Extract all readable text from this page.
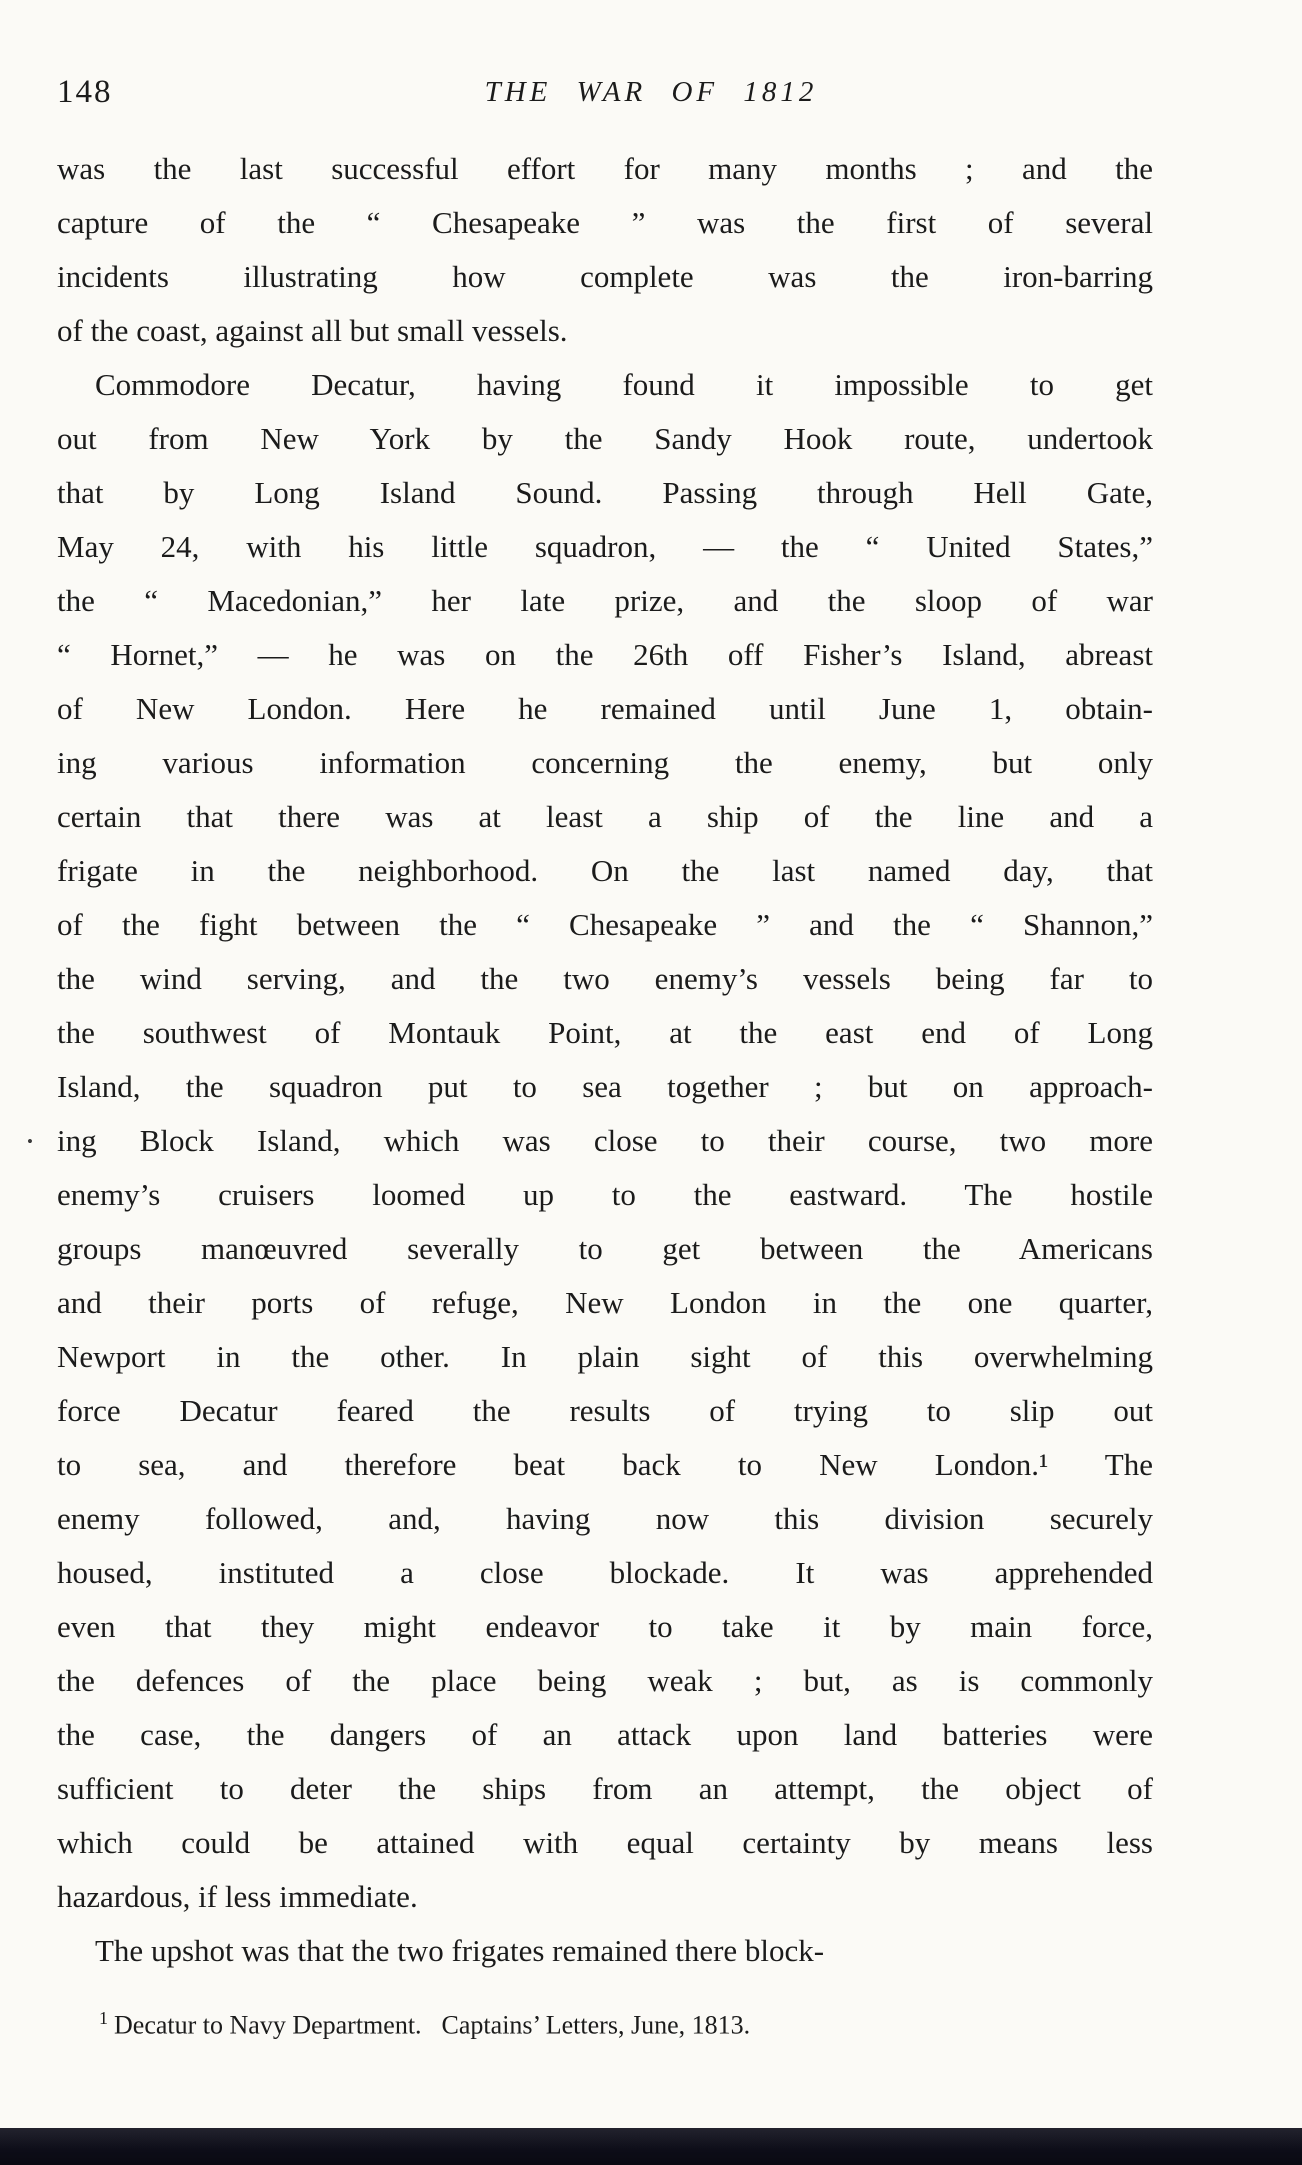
148	THE WAR OF 1812
was the last successful effort for many months ; and the
capture of the “ Chesapeake ” was the first of several
incidents illustrating how complete was the iron-barring
of the coast, against all but small vessels.
Commodore Decatur, having found it impossible to get
out from New York by the Sandy Hook route, undertook
that by Long Island Sound. Passing through Hell Gate,
May 24, with his little squadron, — the “ United States,”
the “ Macedonian,” her late prize, and the sloop of war
“ Hornet,” — he was on the 26th off Fisher’s Island, abreast
of New London. Here he remained until June 1, obtain-
ing various information concerning the enemy, but only
certain that there was at least a ship of the line and a
frigate in the neighborhood. On the last named day, that
of the fight between the “ Chesapeake ” and the “ Shannon,”
the wind serving, and the two enemy’s vessels being far to
the southwest of Montauk Point, at the east end of Long
Island, the squadron put to sea together ; but on approach-
• ing Block Island, which was close to their course, two more
enemy’s cruisers loomed up to the eastward. The hostile
groups manœuvred severally to get between the Americans
and their ports of refuge, New London in the one quarter,
Newport in the other. In plain sight of this overwhelming
force Decatur feared the results of trying to slip out
to sea, and therefore beat back to New London.¹ The
enemy followed, and, having now this division securely
housed, instituted a close blockade. It was apprehended
even that they might endeavor to take it by main force,
the defences of the place being weak ; but, as is commonly
the case, the dangers of an attack upon land batteries were
sufficient to deter the ships from an attempt, the object of
which could be attained with equal certainty by means less
hazardous, if less immediate.
The upshot was that the two frigates remained there block-
$^1$ Decatur to Navy Department. Captains’ Letters, June, 1813.
